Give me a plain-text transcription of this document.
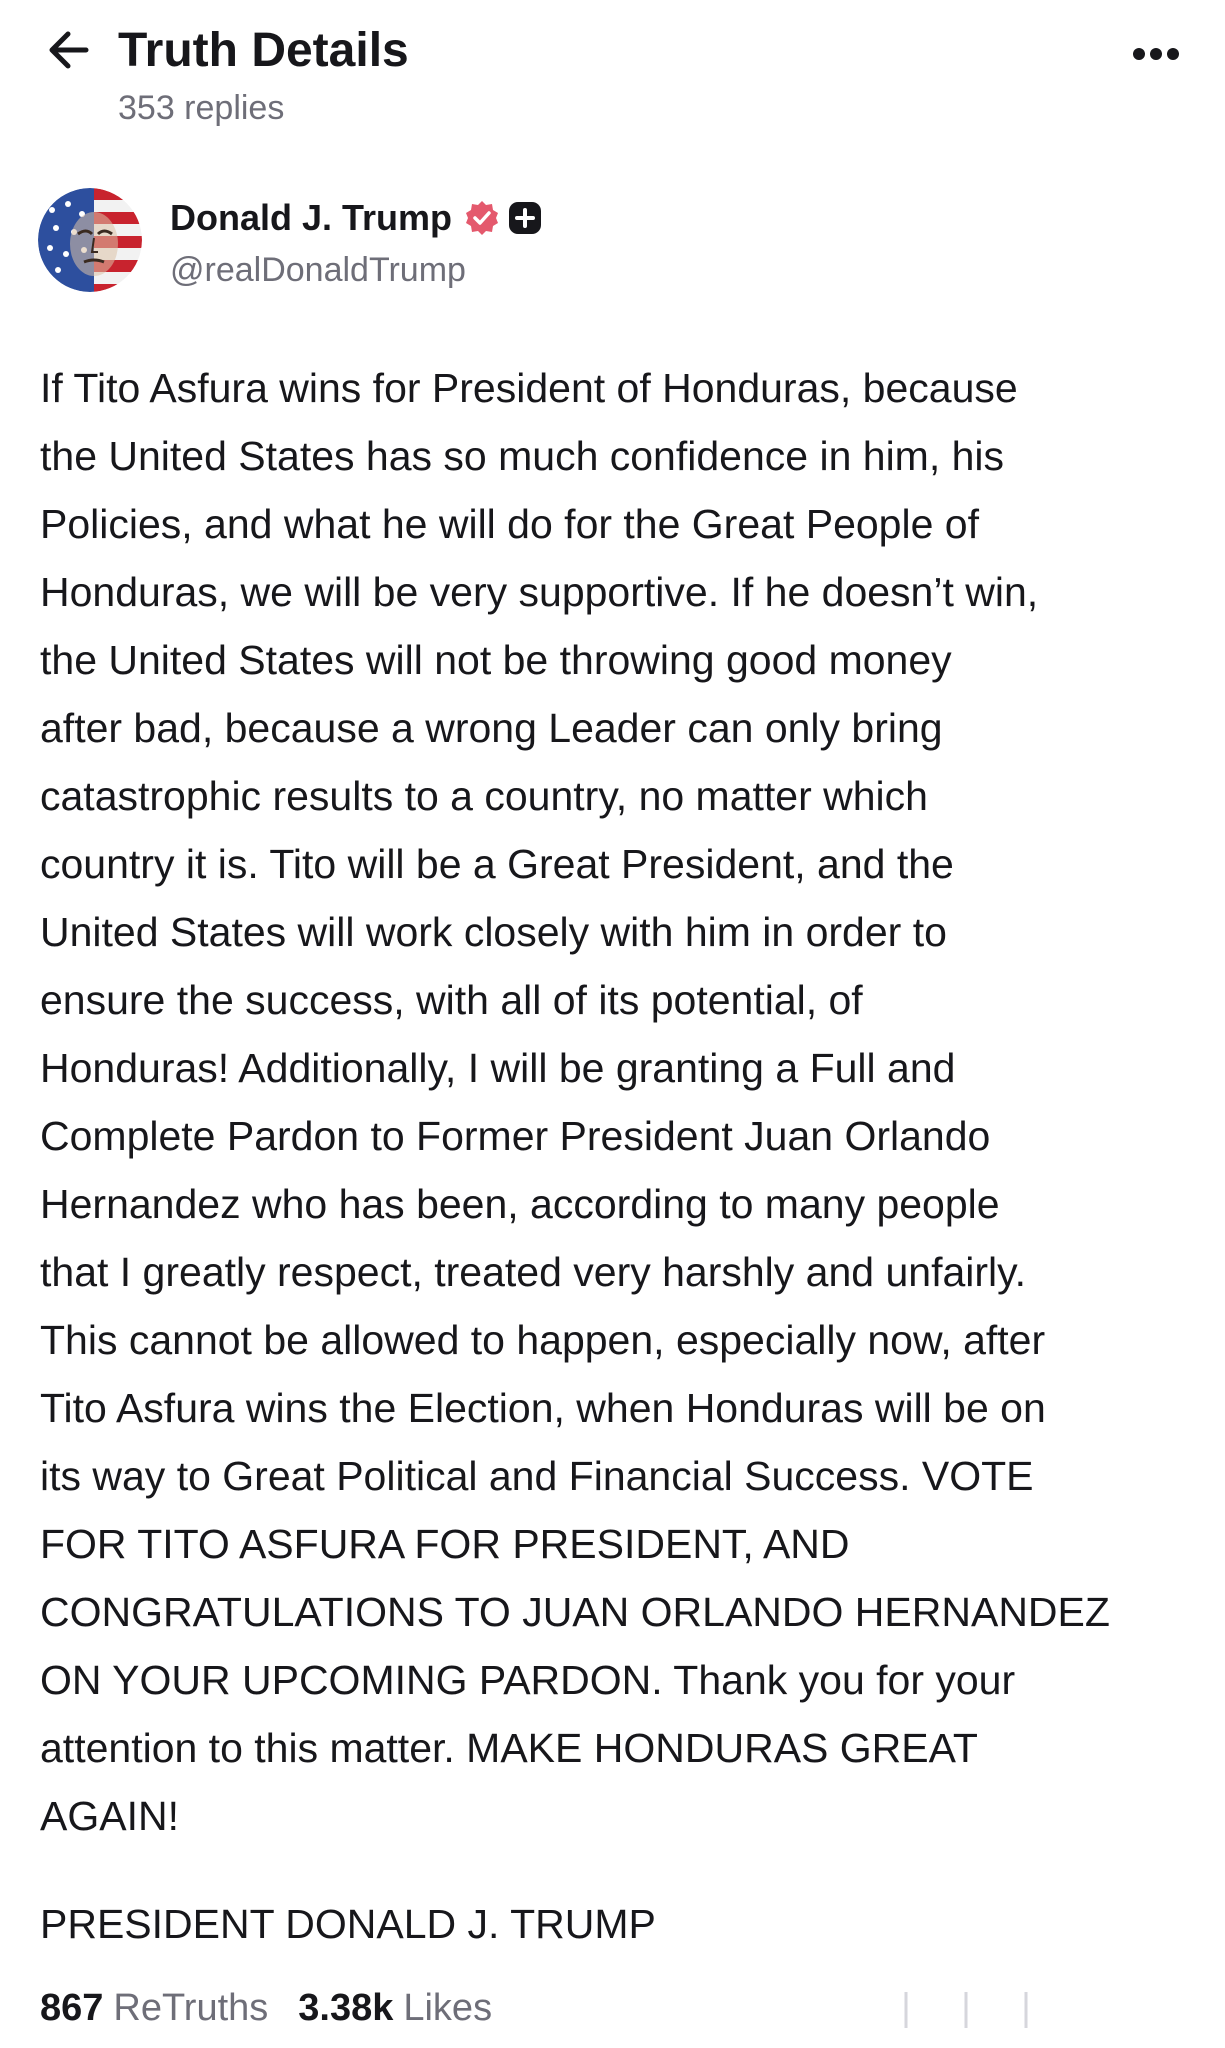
Truth Details
353 replies
Donald J. Trump
@realDonaldTrump
If Tito Asfura wins for President of Honduras, because
the United States has so much confidence in him, his
Policies, and what he will do for the Great People of
Honduras, we will be very supportive. If he doesn’t win,
the United States will not be throwing good money
after bad, because a wrong Leader can only bring
catastrophic results to a country, no matter which
country it is. Tito will be a Great President, and the
United States will work closely with him in order to
ensure the success, with all of its potential, of
Honduras! Additionally, I will be granting a Full and
Complete Pardon to Former President Juan Orlando
Hernandez who has been, according to many people
that I greatly respect, treated very harshly and unfairly.
This cannot be allowed to happen, especially now, after
Tito Asfura wins the Election, when Honduras will be on
its way to Great Political and Financial Success. VOTE
FOR TITO ASFURA FOR PRESIDENT, AND
CONGRATULATIONS TO JUAN ORLANDO HERNANDEZ
ON YOUR UPCOMING PARDON. Thank you for your
attention to this matter. MAKE HONDURAS GREAT
AGAIN!
PRESIDENT DONALD J. TRUMP
867 ReTruths 3.38k Likes
